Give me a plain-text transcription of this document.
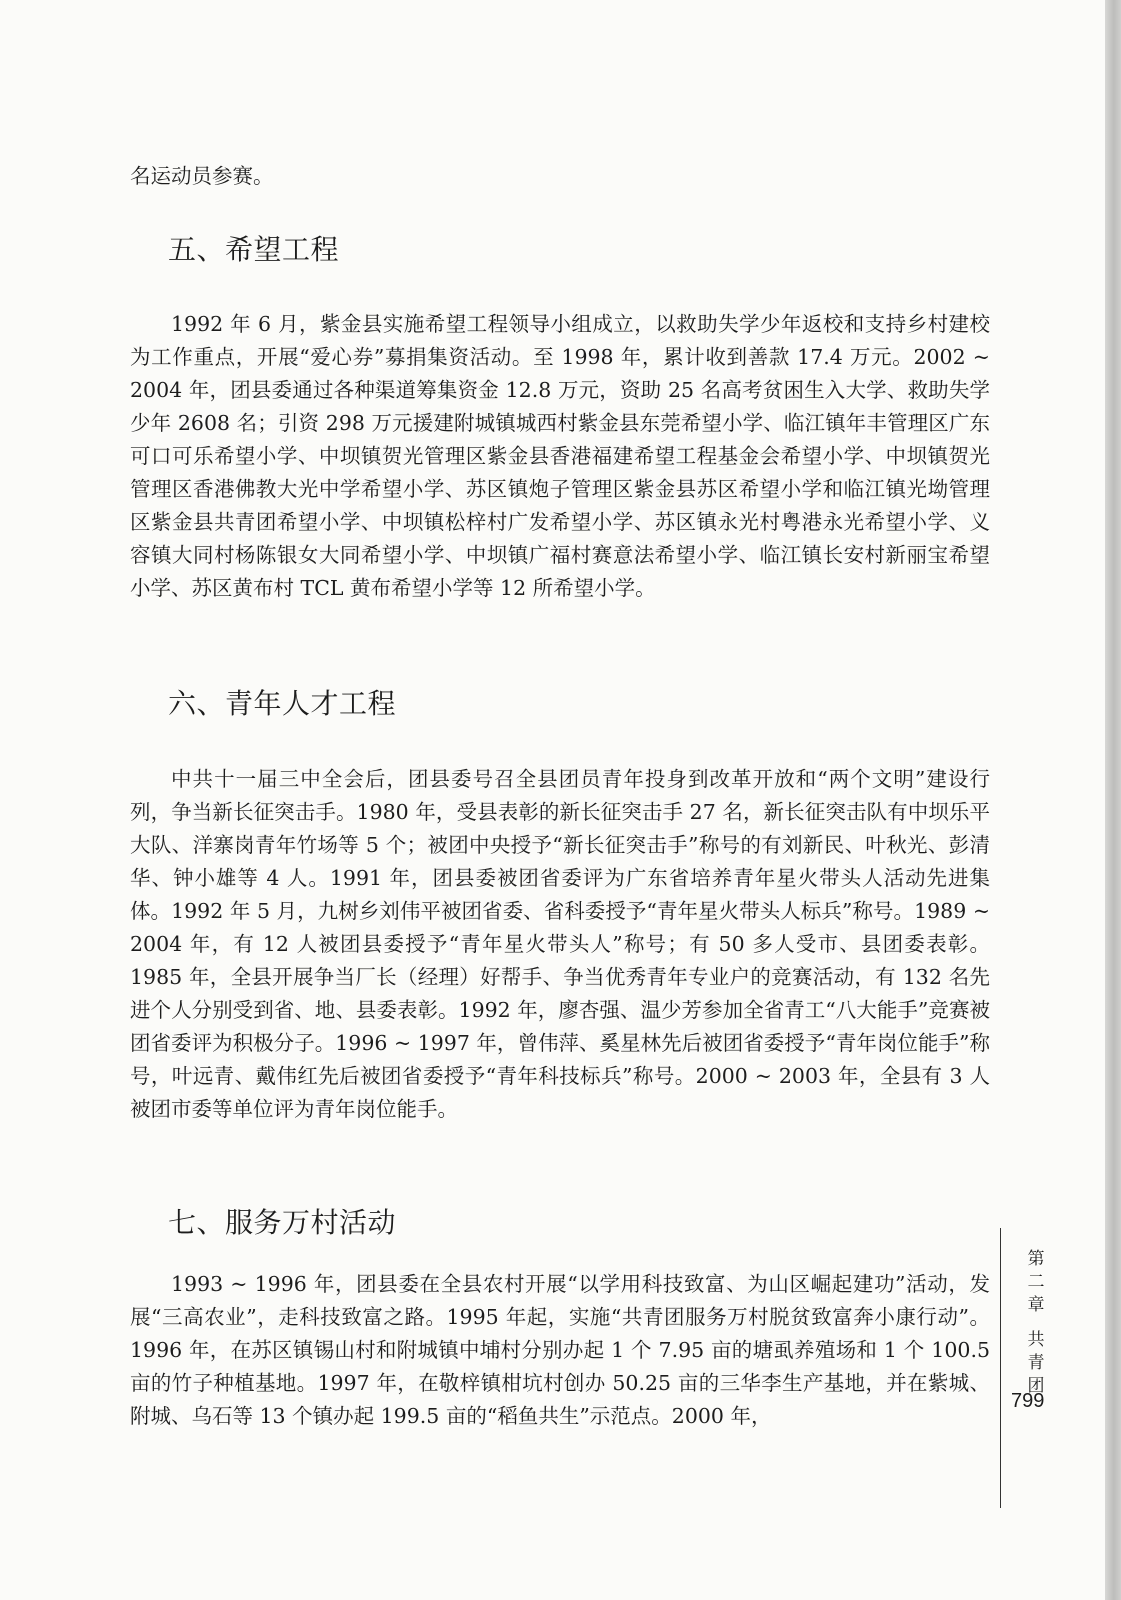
名运动员参赛。

五、希望工程

1992 年 6 月，紫金县实施希望工程领导小组成立，以救助失学少年返校和支持乡村建校为工作重点，开展“爱心券”募捐集资活动。至 1998 年，累计收到善款 17.4 万元。2002 ~ 2004 年，团县委通过各种渠道筹集资金 12.8 万元，资助 25 名高考贫困生入大学、救助失学少年 2608 名；引资 298 万元援建附城镇城西村紫金县东莞希望小学、临江镇年丰管理区广东可口可乐希望小学、中坝镇贺光管理区紫金县香港福建希望工程基金会希望小学、中坝镇贺光管理区香港佛教大光中学希望小学、苏区镇炮子管理区紫金县苏区希望小学和临江镇光坳管理区紫金县共青团希望小学、中坝镇松梓村广发希望小学、苏区镇永光村粤港永光希望小学、义容镇大同村杨陈银女大同希望小学、中坝镇广福村赛意法希望小学、临江镇长安村新丽宝希望小学、苏区黄布村 TCL 黄布希望小学等 12 所希望小学。

六、青年人才工程

中共十一届三中全会后，团县委号召全县团员青年投身到改革开放和“两个文明”建设行列，争当新长征突击手。1980 年，受县表彰的新长征突击手 27 名，新长征突击队有中坝乐平大队、洋寨岗青年竹场等 5 个；被团中央授予“新长征突击手”称号的有刘新民、叶秋光、彭清华、钟小雄等 4 人。1991 年，团县委被团省委评为广东省培养青年星火带头人活动先进集体。1992 年 5 月，九树乡刘伟平被团省委、省科委授予“青年星火带头人标兵”称号。1989 ~ 2004 年，有 12 人被团县委授予“青年星火带头人”称号；有 50 多人受市、县团委表彰。1985 年，全县开展争当厂长（经理）好帮手、争当优秀青年专业户的竞赛活动，有 132 名先进个人分别受到省、地、县委表彰。1992 年，廖杏强、温少芳参加全省青工“八大能手”竞赛被团省委评为积极分子。1996 ~ 1997 年，曾伟萍、奚星林先后被团省委授予“青年岗位能手”称号，叶远青、戴伟红先后被团省委授予“青年科技标兵”称号。2000 ~ 2003 年，全县有 3 人被团市委等单位评为青年岗位能手。

七、服务万村活动

1993 ~ 1996 年，团县委在全县农村开展“以学用科技致富、为山区崛起建功”活动，发展“三高农业”，走科技致富之路。1995 年起，实施“共青团服务万村脱贫致富奔小康行动”。1996 年，在苏区镇锡山村和附城镇中埔村分别办起 1 个 7.95 亩的塘虱养殖场和 1 个 100.5 亩的竹子种植基地。1997 年，在敬梓镇柑坑村创办 50.25 亩的三华李生产基地，并在紫城、附城、乌石等 13 个镇办起 199.5 亩的“稻鱼共生”示范点。2000 年，

第
二
章
共
青
团
799
